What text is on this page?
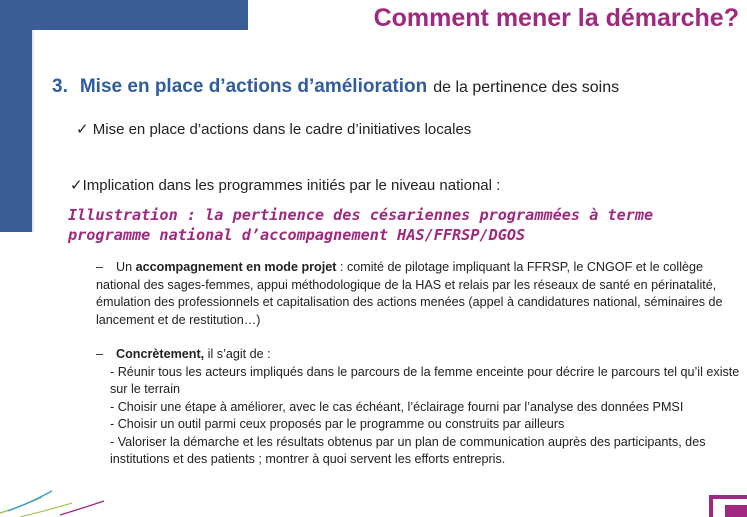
Comment mener la démarche?
3. Mise en place d’actions d’amélioration de la pertinence des soins
✓ Mise en place d’actions dans le cadre d’initiatives locales
✓Implication dans les programmes initiés par le niveau national :
Illustration : la pertinence des césariennes programmées à terme
programme national d’accompagnement HAS/FFRSP/DGOS

– Un accompagnement en mode projet : comité de pilotage impliquant la FFRSP, le CNGOF et le collège national des sages-femmes, appui méthodologique de la HAS et relais par les réseaux de santé en périnatalité, émulation des professionnels et capitalisation des actions menées (appel à candidatures national, séminaires de lancement et de restitution…)

– Concrètement, il s’agit de :
- Réunir tous les acteurs impliqués dans le parcours de la femme enceinte pour décrire le parcours tel qu’il existe sur le terrain
- Choisir une étape à améliorer, avec le cas échéant, l’éclairage fourni par l’analyse des données PMSI
- Choisir un outil parmi ceux proposés par le programme ou construits par ailleurs
- Valoriser la démarche et les résultats obtenus par un plan de communication auprès des participants, des institutions et des patients ; montrer à quoi servent les efforts entrepris.
